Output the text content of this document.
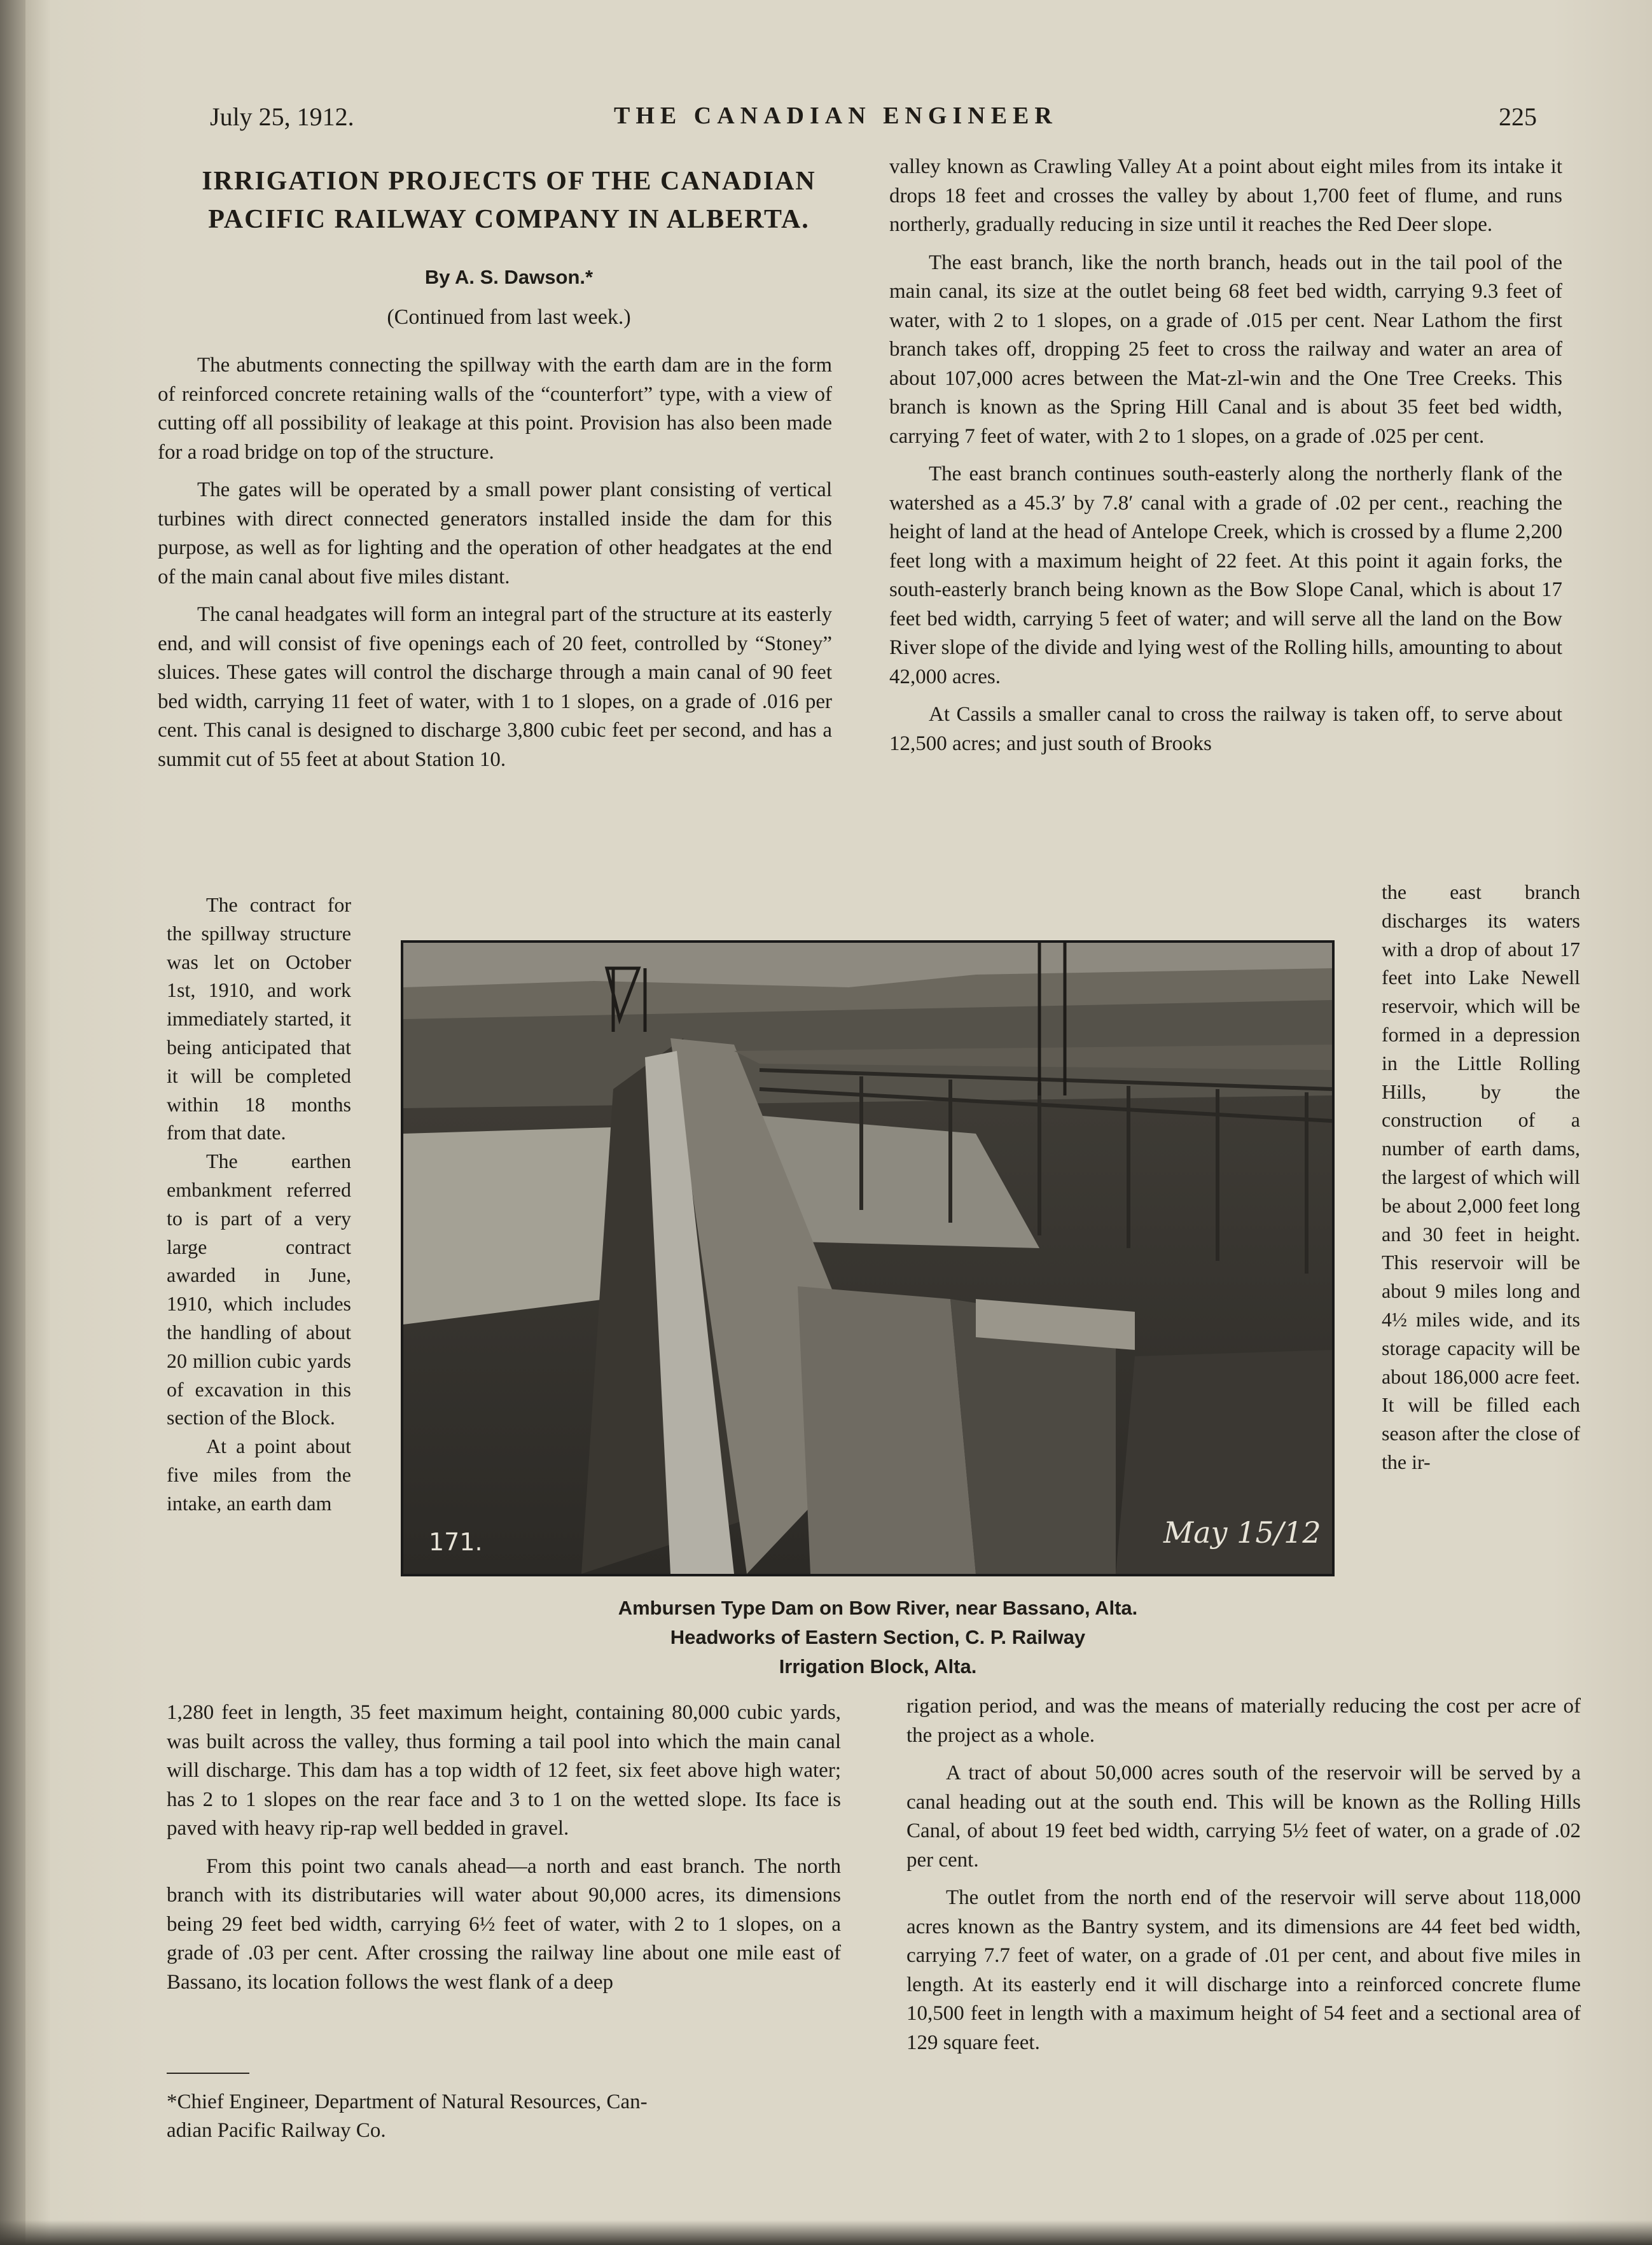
July 25, 1912.	THE CANADIAN ENGINEER	225
IRRIGATION PROJECTS OF THE CANADIAN
PACIFIC RAILWAY COMPANY IN ALBERTA.
By A. S. Dawson.*
(Continued from last week.)

The abutments connecting the spillway with the earth dam are in the form of reinforced concrete retaining walls of the “counterfort” type, with a view of cutting off all possibility of leakage at this point. Provision has also been made for a road bridge on top of the structure.

The gates will be operated by a small power plant consisting of vertical turbines with direct connected generators installed inside the dam for this purpose, as well as for lighting and the operation of other headgates at the end of the main canal about five miles distant.

The canal headgates will form an integral part of the structure at its easterly end, and will consist of five openings each of 20 feet, controlled by “Stoney” sluices. These gates will control the discharge through a main canal of 90 feet bed width, carrying 11 feet of water, with 1 to 1 slopes, on a grade of .016 per cent. This canal is designed to discharge 3,800 cubic feet per second, and has a summit cut of 55 feet at about Station 10.

The contract for the spillway structure was let on October 1st, 1910, and work immediately started, it being anticipated that it will be completed within 18 months from that date.

The earthen embankment referred to is part of a very large contract awarded in June, 1910, which includes the handling of about 20 million cubic yards of excavation in this section of the Block.

At a point about five miles from the intake, an earth dam

1,280 feet in length, 35 feet maximum height, containing 80,000 cubic yards, was built across the valley, thus forming a tail pool into which the main canal will discharge. This dam has a top width of 12 feet, six feet above high water; has 2 to 1 slopes on the rear face and 3 to 1 on the wetted slope. Its face is paved with heavy rip-rap well bedded in gravel.

From this point two canals ahead—a north and east branch. The north branch with its distributaries will water about 90,000 acres, its dimensions being 29 feet bed width, carrying 6½ feet of water, with 2 to 1 slopes, on a grade of .03 per cent. After crossing the railway line about one mile east of Bassano, its location follows the west flank of a deep

*Chief Engineer, Department of Natural Resources, Can-
adian Pacific Railway Co.

valley known as Crawling Valley At a point about eight miles from its intake it drops 18 feet and crosses the valley by about 1,700 feet of flume, and runs northerly, gradually reducing in size until it reaches the Red Deer slope.

The east branch, like the north branch, heads out in the tail pool of the main canal, its size at the outlet being 68 feet bed width, carrying 9.3 feet of water, with 2 to 1 slopes, on a grade of .015 per cent. Near Lathom the first branch takes off, dropping 25 feet to cross the railway and water an area of about 107,000 acres between the Mat-zl-win and the One Tree Creeks. This branch is known as the Spring Hill Canal and is about 35 feet bed width, carrying 7 feet of water, with 2 to 1 slopes, on a grade of .025 per cent.

The east branch continues south-easterly along the northerly flank of the watershed as a 45.3′ by 7.8′ canal with a grade of .02 per cent., reaching the height of land at the head of Antelope Creek, which is crossed by a flume 2,200 feet long with a maximum height of 22 feet. At this point it again forks, the south-easterly branch being known as the Bow Slope Canal, which is about 17 feet bed width, carrying 5 feet of water; and will serve all the land on the Bow River slope of the divide and lying west of the Rolling hills, amounting to about 42,000 acres.

At Cassils a smaller canal to cross the railway is taken off, to serve about 12,500 acres; and just south of Brooks

the east branch discharges its waters with a drop of about 17 feet into Lake Newell reservoir, which will be formed in a depression in the Little Rolling Hills, by the construction of a number of earth dams, the largest of which will be about 2,000 feet long and 30 feet in height. This reservoir will be about 9 miles long and 4½ miles wide, and its storage capacity will be about 186,000 acre feet. It will be filled each season after the close of the ir-

rigation period, and was the means of materially reducing the cost per acre of the project as a whole.

A tract of about 50,000 acres south of the reservoir will be served by a canal heading out at the south end. This will be known as the Rolling Hills Canal, of about 19 feet bed width, carrying 5½ feet of water, on a grade of .02 per cent.

The outlet from the north end of the reservoir will serve about 118,000 acres known as the Bantry system, and its dimensions are 44 feet bed width, carrying 7.7 feet of water, on a grade of .01 per cent, and about five miles in length. At its easterly end it will discharge into a reinforced concrete flume 10,500 feet in length with a maximum height of 54 feet and a sectional area of 129 square feet.

171.	May 15/12
Ambursen Type Dam on Bow River, near Bassano, Alta.
Headworks of Eastern Section, C. P. Railway
Irrigation Block, Alta.
